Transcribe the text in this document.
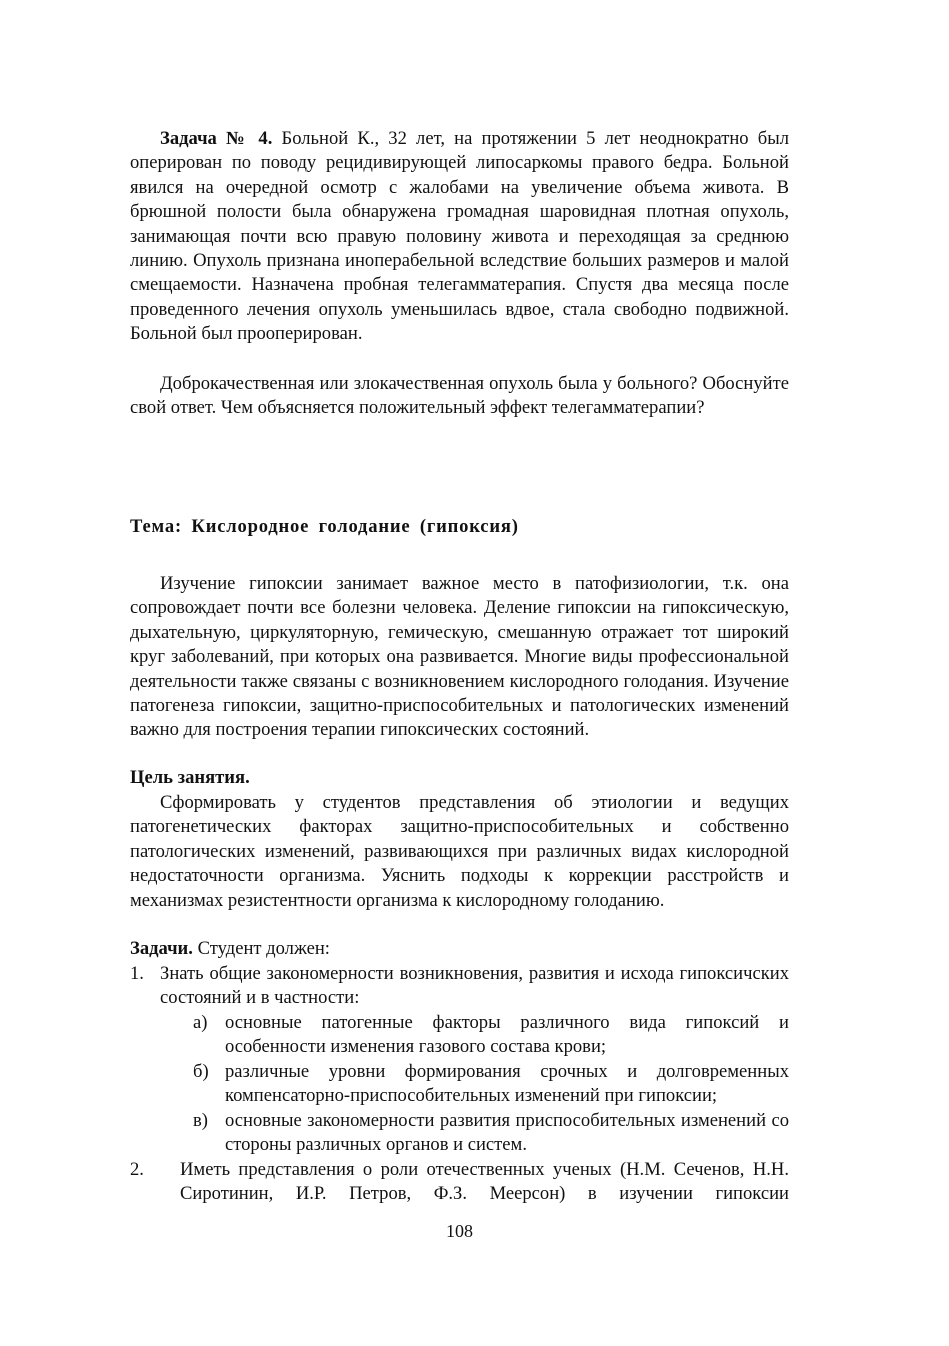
Задача № 4. Больной К., 32 лет, на протяжении 5 лет неоднократно был оперирован по поводу рецидивирующей липосаркомы правого бедра. Больной явился на очередной осмотр с жалобами на увеличение объема живота. В брюшной полости была обнаружена громадная шаровидная плотная опухоль, занимающая почти всю правую половину живота и переходящая за среднюю линию. Опухоль признана иноперабельной вследствие больших размеров и малой смещаемости. Назначена пробная телегамматерапия. Спустя два месяца после проведенного лечения опухоль уменьшилась вдвое, стала свободно подвижной. Больной был прооперирован.

Доброкачественная или злокачественная опухоль была у больного? Обоснуйте свой ответ. Чем объясняется положительный эффект телегамматерапии?

Тема: Кислородное голодание (гипоксия)

Изучение гипоксии занимает важное место в патофизиологии, т.к. она сопровождает почти все болезни человека. Деление гипоксии на гипоксическую, дыхательную, циркуляторную, гемическую, смешанную отражает тот широкий круг заболеваний, при которых она развивается. Многие виды профессиональной деятельности также связаны с возникновением кислородного голодания. Изучение патогенеза гипоксии, защитно-приспособительных и патологических изменений важно для построения терапии гипоксических состояний.

Цель занятия.

Сформировать у студентов представления об этиологии и ведущих патогенетических факторах защитно-приспособительных и собственно патологических изменений, развивающихся при различных видах кислородной недостаточности организма. Уяснить подходы к коррекции расстройств и механизмах резистентности организма к кислородному голоданию.

Задачи. Студент должен:

1. Знать общие закономерности возникновения, развития и исхода гипоксичских состояний и в частности:

а) основные патогенные факторы различного вида гипоксий и особенности изменения газового состава крови;

б) различные уровни формирования срочных и долговременных компенсаторно-приспособительных изменений при гипоксии;

в) основные закономерности развития приспособительных изменений со стороны различных органов и систем.

2. Иметь представления о роли отечественных ученых (Н.М. Сеченов, Н.Н. Сиротинин, И.Р. Петров, Ф.З. Меерсон) в изучении гипоксии

108
